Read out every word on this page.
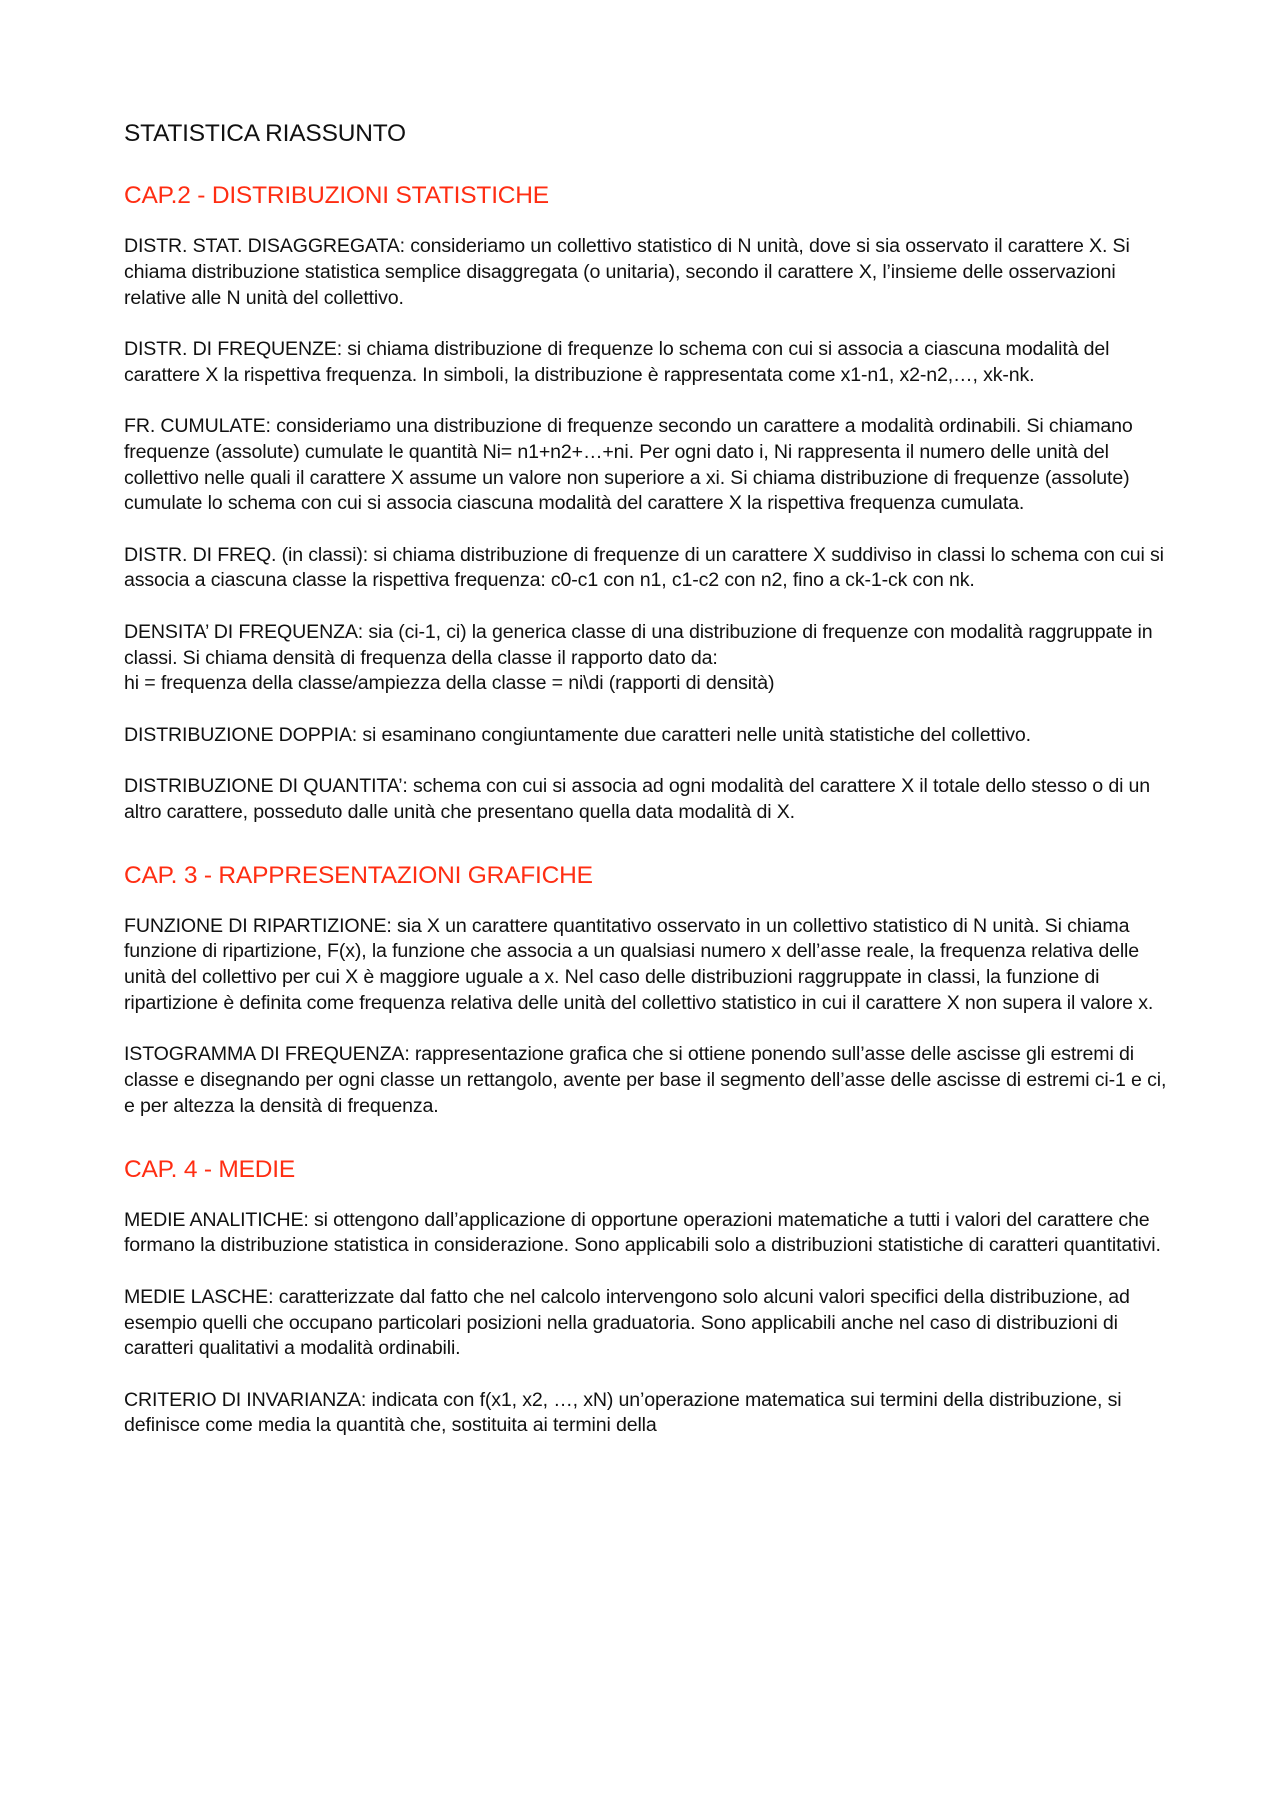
STATISTICA RIASSUNTO
CAP.2 - DISTRIBUZIONI STATISTICHE

DISTR. STAT. DISAGGREGATA: consideriamo un collettivo statistico di N unità, dove si sia osservato il carattere X. Si chiama distribuzione statistica semplice disaggregata (o unitaria), secondo il carattere X, l’insieme delle osservazioni relative alle N unità del collettivo.

DISTR. DI FREQUENZE: si chiama distribuzione di frequenze lo schema con cui si associa a ciascuna modalità del carattere X la rispettiva frequenza. In simboli, la distribuzione è rappresentata come x1-n1, x2-n2,…, xk-nk.

FR. CUMULATE: consideriamo una distribuzione di frequenze secondo un carattere a modalità ordinabili. Si chiamano frequenze (assolute) cumulate le quantità Ni= n1+n2+…+ni. Per ogni dato i, Ni rappresenta il numero delle unità del collettivo nelle quali il carattere X assume un valore non superiore a xi. Si chiama distribuzione di frequenze (assolute) cumulate lo schema con cui si associa ciascuna modalità del carattere X la rispettiva frequenza cumulata.

DISTR. DI FREQ. (in classi): si chiama distribuzione di frequenze di un carattere X suddiviso in classi lo schema con cui si associa a ciascuna classe la rispettiva frequenza: c0-c1 con n1, c1-c2 con n2, fino a ck-1-ck con nk.

DENSITA’ DI FREQUENZA: sia (ci-1, ci) la generica classe di una distribuzione di frequenze con modalità raggruppate in classi. Si chiama densità di frequenza della classe il rapporto dato da:
hi = frequenza della classe/ampiezza della classe = ni\di (rapporti di densità)

DISTRIBUZIONE DOPPIA: si esaminano congiuntamente due caratteri nelle unità statistiche del collettivo.

DISTRIBUZIONE DI QUANTITA’: schema con cui si associa ad ogni modalità del carattere X il totale dello stesso o di un altro carattere, posseduto dalle unità che presentano quella data modalità di X.

CAP. 3 - RAPPRESENTAZIONI GRAFICHE

FUNZIONE DI RIPARTIZIONE: sia X un carattere quantitativo osservato in un collettivo statistico di N unità. Si chiama funzione di ripartizione, F(x), la funzione che associa a un qualsiasi numero x dell’asse reale, la frequenza relativa delle unità del collettivo per cui X è maggiore uguale a x. Nel caso delle distribuzioni raggruppate in classi, la funzione di ripartizione è definita come frequenza relativa delle unità del collettivo statistico in cui il carattere X non supera il valore x.

ISTOGRAMMA DI FREQUENZA: rappresentazione grafica che si ottiene ponendo sull’asse delle ascisse gli estremi di classe e disegnando per ogni classe un rettangolo, avente per base il segmento dell’asse delle ascisse di estremi ci-1 e ci, e per altezza la densità di frequenza.

CAP. 4 - MEDIE

MEDIE ANALITICHE: si ottengono dall’applicazione di opportune operazioni matematiche a tutti i valori del carattere che formano la distribuzione statistica in considerazione. Sono applicabili solo a distribuzioni statistiche di caratteri quantitativi.

MEDIE LASCHE: caratterizzate dal fatto che nel calcolo intervengono solo alcuni valori specifici della distribuzione, ad esempio quelli che occupano particolari posizioni nella graduatoria. Sono applicabili anche nel caso di distribuzioni di caratteri qualitativi a modalità ordinabili.

CRITERIO DI INVARIANZA: indicata con f(x1, x2, …, xN) un’operazione matematica sui termini della distribuzione, si definisce come media la quantità che, sostituita ai termini della
